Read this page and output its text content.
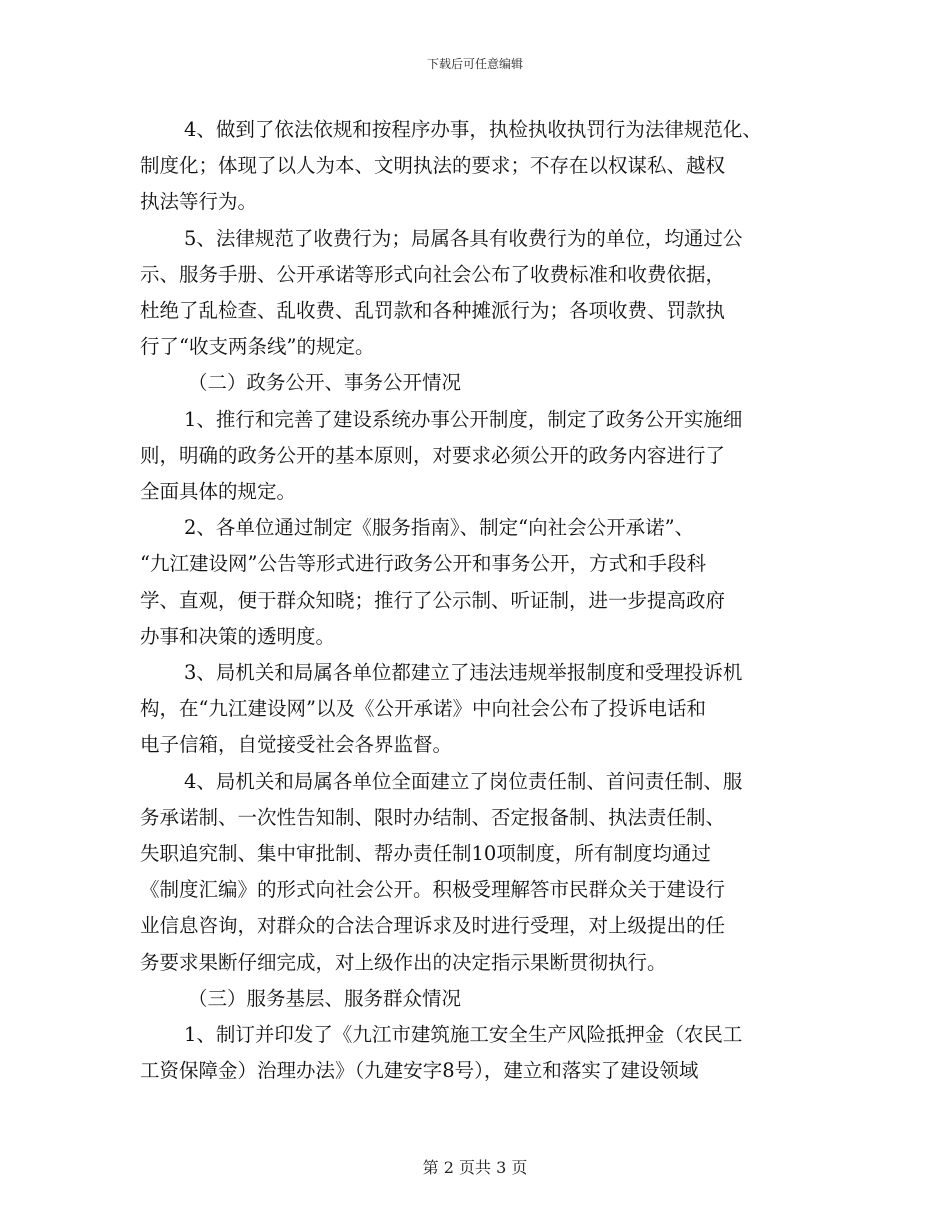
下载后可任意编辑

4、做到了依法依规和按程序办事，执检执收执罚行为法律规范化、
制度化；体现了以人为本、文明执法的要求；不存在以权谋私、越权
执法等行为。
5、法律规范了收费行为；局属各具有收费行为的单位，均通过公
示、服务手册、公开承诺等形式向社会公布了收费标准和收费依据，
杜绝了乱检查、乱收费、乱罚款和各种摊派行为；各项收费、罚款执
行了“收支两条线”的规定。
（二）政务公开、事务公开情况
1、推行和完善了建设系统办事公开制度，制定了政务公开实施细
则，明确的政务公开的基本原则，对要求必须公开的政务内容进行了
全面具体的规定。
2、各单位通过制定《服务指南》、制定“向社会公开承诺”、
“九江建设网”公告等形式进行政务公开和事务公开，方式和手段科
学、直观，便于群众知晓；推行了公示制、听证制，进一步提高政府
办事和决策的透明度。
3、局机关和局属各单位都建立了违法违规举报制度和受理投诉机
构，在“九江建设网”以及《公开承诺》中向社会公布了投诉电话和
电子信箱，自觉接受社会各界监督。
4、局机关和局属各单位全面建立了岗位责任制、首问责任制、服
务承诺制、一次性告知制、限时办结制、否定报备制、执法责任制、
失职追究制、集中审批制、帮办责任制10项制度，所有制度均通过
《制度汇编》的形式向社会公开。积极受理解答市民群众关于建设行
业信息咨询，对群众的合法合理诉求及时进行受理，对上级提出的任
务要求果断仔细完成，对上级作出的决定指示果断贯彻执行。
（三）服务基层、服务群众情况
1、制订并印发了《九江市建筑施工安全生产风险抵押金（农民工
工资保障金）治理办法》（九建安字8号），建立和落实了建设领域

第 2 页共 3 页
